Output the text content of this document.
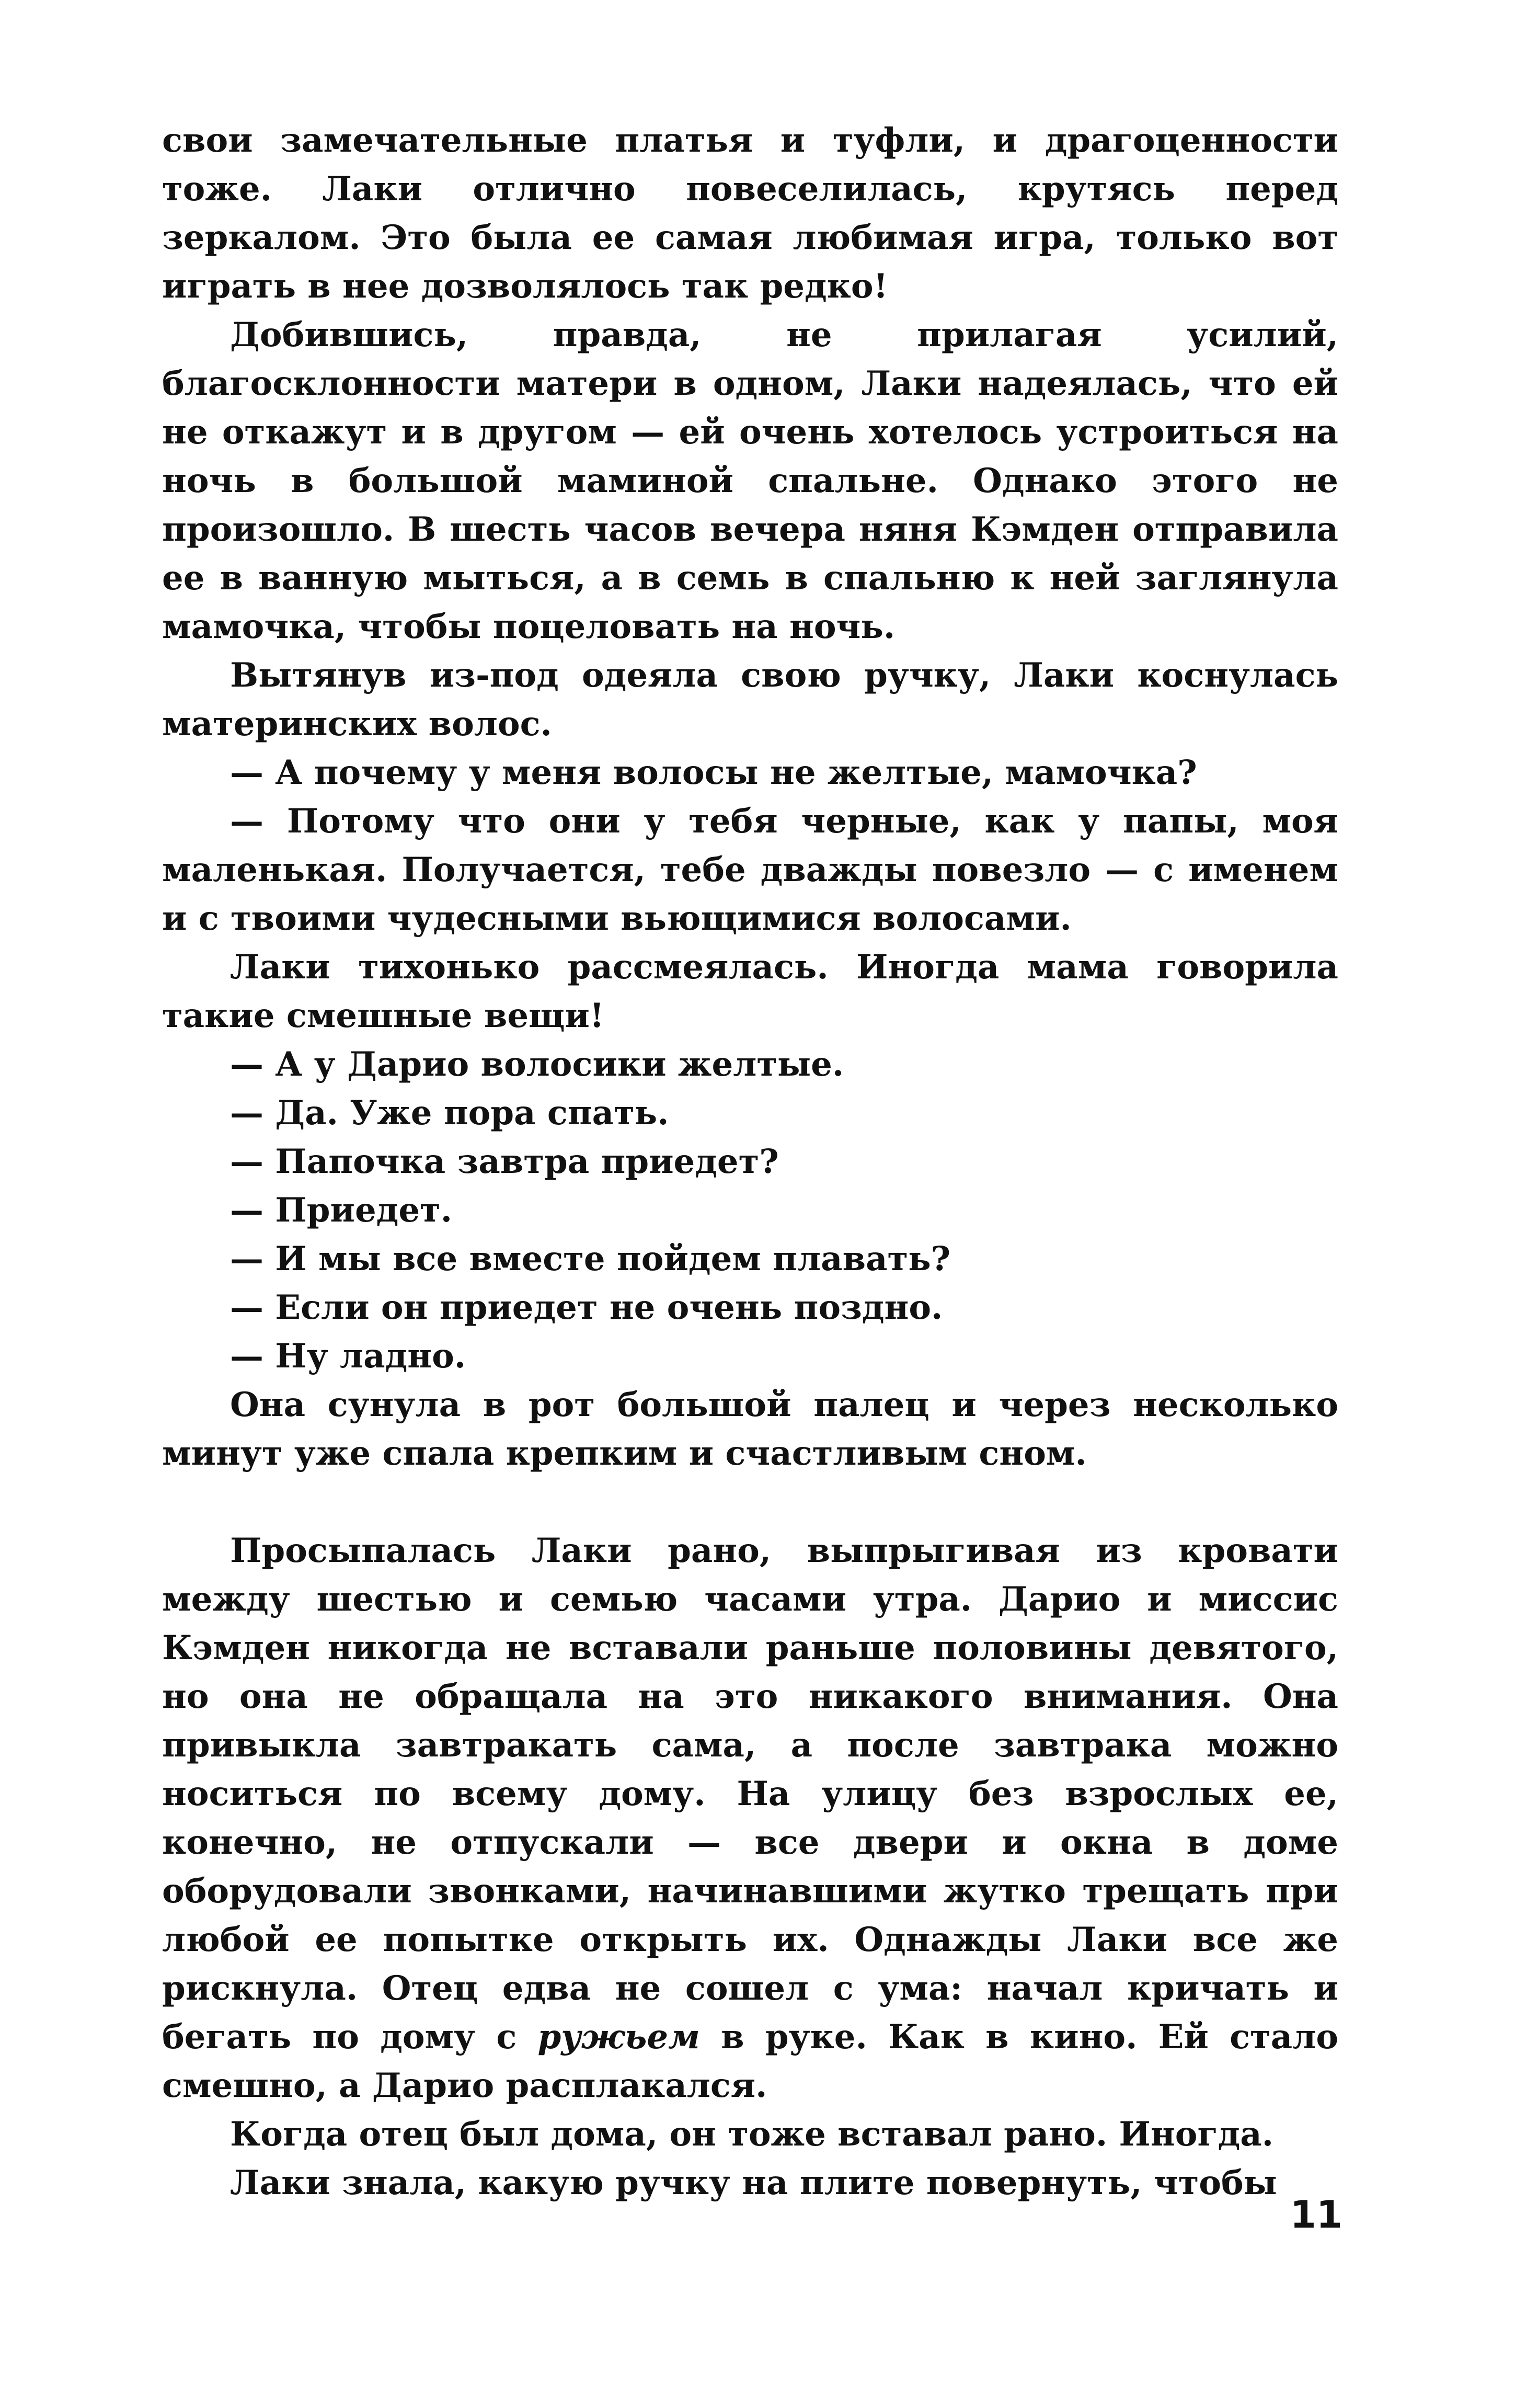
свои замечательные платья и туфли, и драгоценности тоже. Лаки отлично повеселилась, крутясь перед зеркалом. Это была ее самая любимая игра, только вот играть в нее дозволялось так редко!

Добившись, правда, не прилагая усилий, благосклонности матери в одном, Лаки надеялась, что ей не откажут и в другом — ей очень хотелось устроиться на ночь в большой маминой спальне. Однако этого не произошло. В шесть часов вечера няня Кэмден отправила ее в ванную мыться, а в семь в спальню к ней заглянула мамочка, чтобы поцеловать на ночь.

Вытянув из-под одеяла свою ручку, Лаки коснулась материнских волос.

— А почему у меня волосы не желтые, мамочка?

— Потому что они у тебя черные, как у папы, моя маленькая. Получается, тебе дважды повезло — с именем и с твоими чудесными вьющимися волосами.

Лаки тихонько рассмеялась. Иногда мама говорила такие смешные вещи!

— А у Дарио волосики желтые.

— Да. Уже пора спать.

— Папочка завтра приедет?

— Приедет.

— И мы все вместе пойдем плавать?

— Если он приедет не очень поздно.

— Ну ладно.

Она сунула в рот большой палец и через несколько минут уже спала крепким и счастливым сном.

Просыпалась Лаки рано, выпрыгивая из кровати между шестью и семью часами утра. Дарио и миссис Кэмден никогда не вставали раньше половины девятого, но она не обращала на это никакого внимания. Она привыкла завтракать сама, а после завтрака можно носиться по всему дому. На улицу без взрослых ее, конечно, не отпускали — все двери и окна в доме оборудовали звонками, начинавшими жутко трещать при любой ее попытке открыть их. Однажды Лаки все же рискнула. Отец едва не сошел с ума: начал кричать и бегать по дому с ружьем в руке. Как в кино. Ей стало смешно, а Дарио расплакался.

Когда отец был дома, он тоже вставал рано. Иногда.

Лаки знала, какую ручку на плите повернуть, чтобы

11
